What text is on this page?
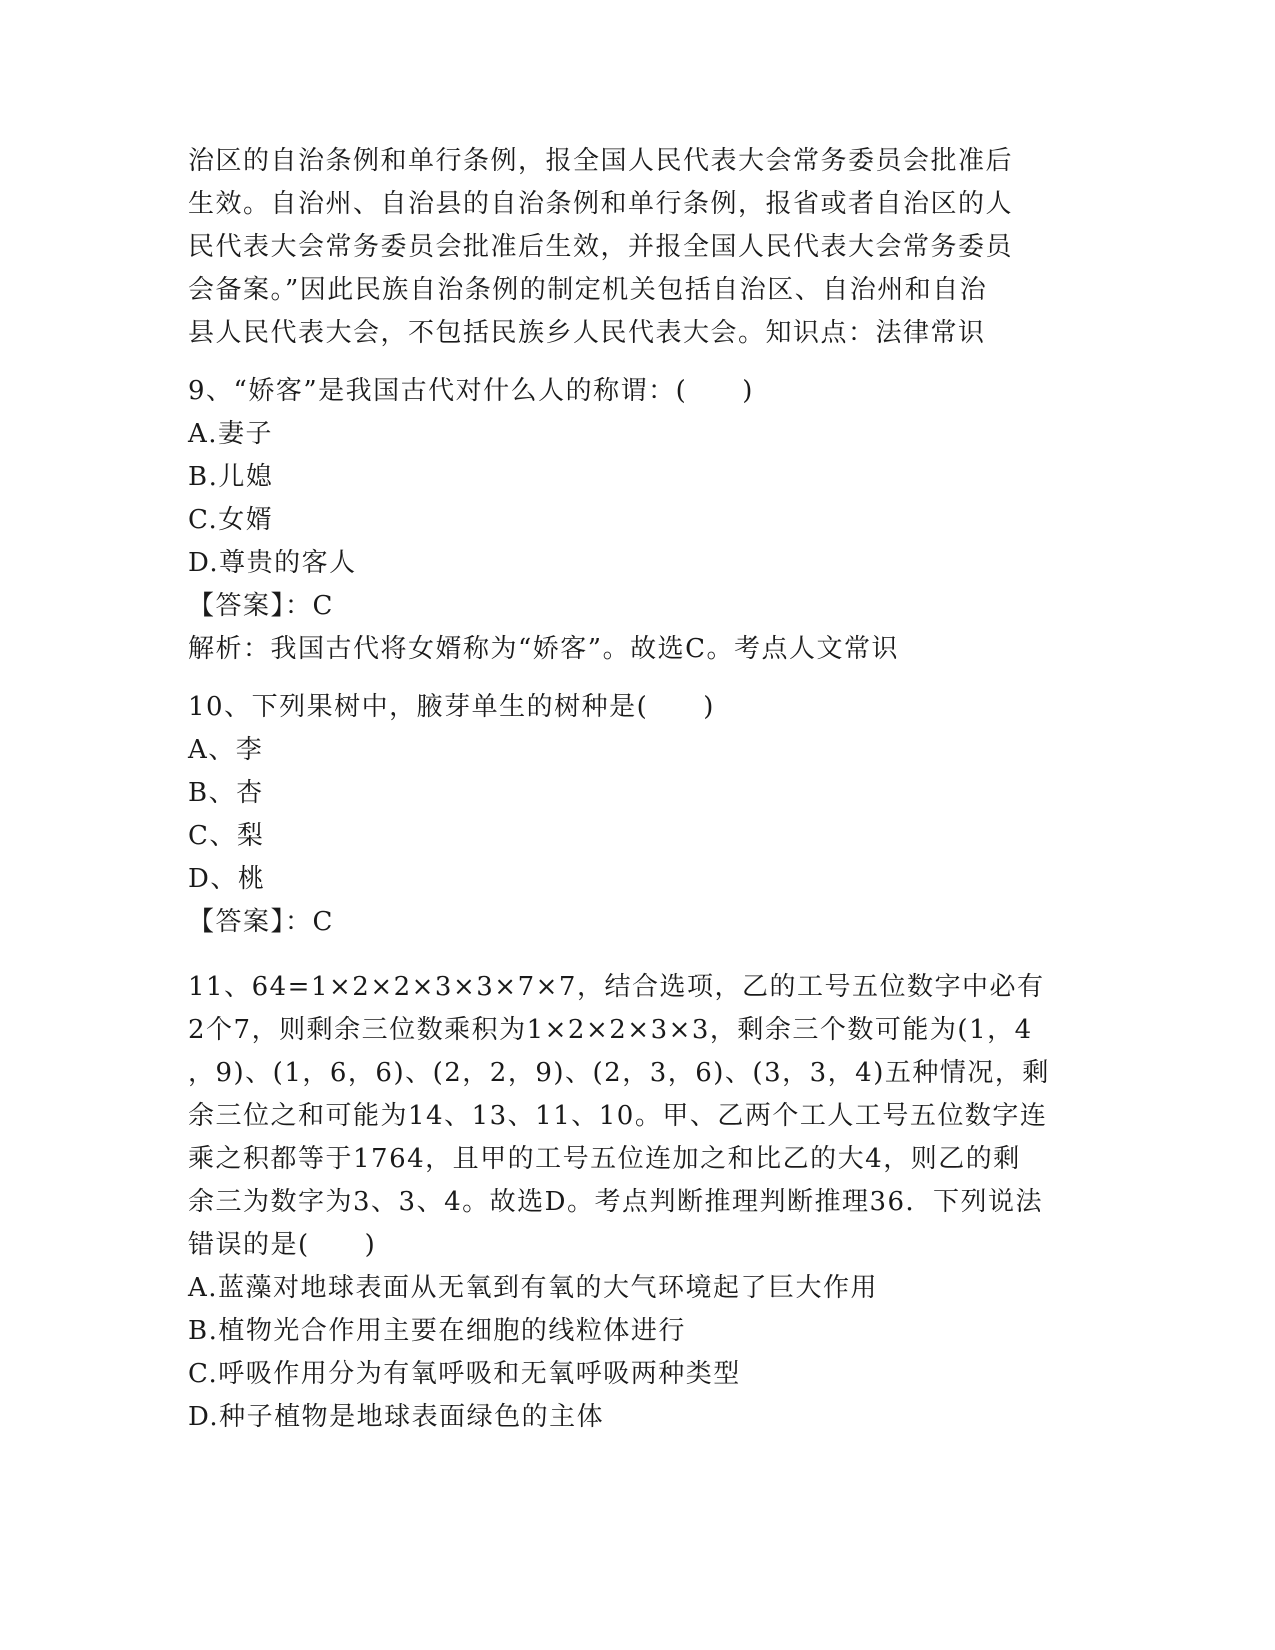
治区的自治条例和单行条例，报全国人民代表大会常务委员会批准后
生效。自治州、自治县的自治条例和单行条例，报省或者自治区的人
民代表大会常务委员会批准后生效，并报全国人民代表大会常务委员
会备案。”因此民族自治条例的制定机关包括自治区、自治州和自治
县人民代表大会，不包括民族乡人民代表大会。知识点：法律常识
9、“娇客”是我国古代对什么人的称谓：(　　)
A.妻子
B.儿媳
C.女婿
D.尊贵的客人
【答案】：C
解析：我国古代将女婿称为“娇客”。故选C。考点人文常识
10、下列果树中，腋芽单生的树种是(　　)
A、李
B、杏
C、梨
D、桃
【答案】：C
11、64=1×2×2×3×3×7×7，结合选项，乙的工号五位数字中必有
2个7，则剩余三位数乘积为1×2×2×3×3，剩余三个数可能为(1，4
，9)、(1，6，6)、(2，2，9)、(2，3，6)、(3，3，4)五种情况，剩
余三位之和可能为14、13、11、10。甲、乙两个工人工号五位数字连
乘之积都等于1764，且甲的工号五位连加之和比乙的大4，则乙的剩
余三为数字为3、3、4。故选D。考点判断推理判断推理36．下列说法
错误的是(　　)
A.蓝藻对地球表面从无氧到有氧的大气环境起了巨大作用
B.植物光合作用主要在细胞的线粒体进行
C.呼吸作用分为有氧呼吸和无氧呼吸两种类型
D.种子植物是地球表面绿色的主体
